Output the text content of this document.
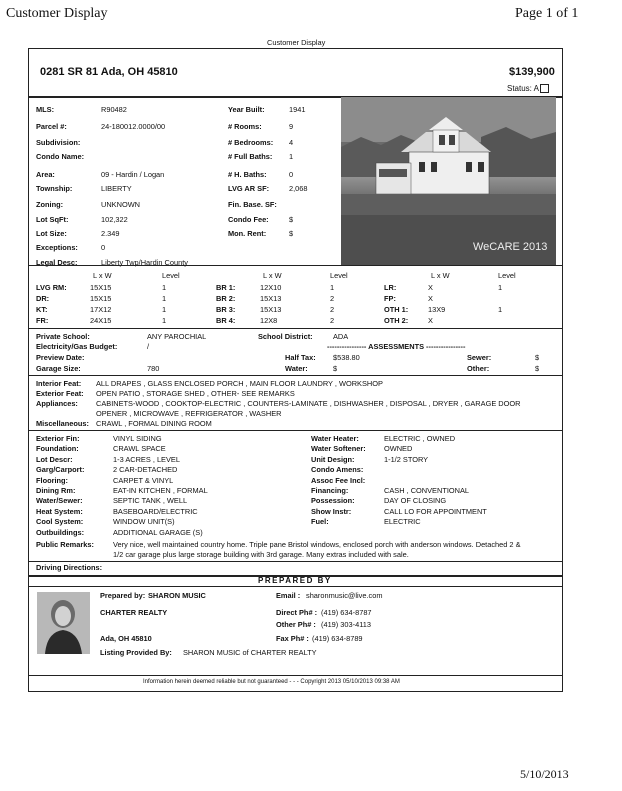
Customer Display	Page 1 of 1
Customer Display
0281 SR 81 Ada, OH 45810	$139,900
Status: A
MLS:	R90482
Parcel #:	24-180012.0000/00
Subdivision:
Condo Name:
Area:	09 - Hardin / Logan
Township:	LIBERTY
Zoning:	UNKNOWN
Lot SqFt:	102,322
Lot Size:	2.349
Exceptions:	0
Legal Desc:	Liberty Twp/Hardin County
Year Built:	1941
# Rooms:	9
# Bedrooms: 4
# Full Baths: 1
# H. Baths:	0
LVG AR SF:	2,068
Fin. Base. SF:
Condo Fee:	$
Mon. Rent:	$
WeCARE 2013
L x W	Level
LVG RM:	15X15	1
DR:	15X15	1
KT:	17X12	1
FR:	24X15	1
L x W	Level
BR 1:	12X10	1
BR 2:	15X13	2
BR 3:	15X13	2
BR 4:	12X8	2
L x W	Level
LR:	X	1
FP:	X
OTH 1:	13X9	1
OTH 2:	X
Private School:	ANY PAROCHIAL	School District:	ADA
Electricity/Gas Budget:	/	---------------- ASSESSMENTS ----------------
Preview Date:	Half Tax: $538.80	Sewer:	$
Garage Size:	780	Water:	$	Other:	$
Interior Feat: ALL DRAPES , GLASS ENCLOSED PORCH , MAIN FLOOR LAUNDRY , WORKSHOP
Exterior Feat: OPEN PATIO , STORAGE SHED , OTHER- SEE REMARKS
Appliances: CABINETS-WOOD , COOKTOP-ELECTRIC , COUNTERS-LAMINATE , DISHWASHER , DISPOSAL , DRYER , GARAGE DOOR
OPENER , MICROWAVE , REFRIGERATOR , WASHER
Miscellaneous: CRAWL , FORMAL DINING ROOM
Exterior Fin:	VINYL SIDING
Foundation:	CRAWL SPACE
Lot Descr:	1-3 ACRES , LEVEL
Garg/Carport:	2 CAR-DETACHED
Flooring:	CARPET & VINYL
Dining Rm:	EAT-IN KITCHEN , FORMAL
Water/Sewer:	SEPTIC TANK , WELL
Heat System:	BASEBOARD/ELECTRIC
Cool System:	WINDOW UNIT(S)
Outbuildings:	ADDITIONAL GARAGE (S)
Water Heater:	ELECTRIC , OWNED
Water Softener: OWNED
Unit Design:	1-1/2 STORY
Condo Amens:
Assoc Fee Incl:
Financing:	CASH , CONVENTIONAL
Possession:	DAY OF CLOSING
Show Instr:	CALL LO FOR APPOINTMENT
Fuel:	ELECTRIC
Public Remarks:	Very nice, well maintained country home. Triple pane Bristol windows, enclosed porch with anderson windows. Detached 2 &
1/2 car garage plus large storage building with 3rd garage. Many extras included with sale.
Driving Directions:
PREPARED BY
Prepared by: SHARON MUSIC
CHARTER REALTY
Ada, OH 45810
Listing Provided By: SHARON MUSIC of CHARTER REALTY
Email : sharonmusic@live.com
Direct Ph# : (419) 634-8787
Other Ph# : (419) 303-4113
Fax Ph# : (419) 634-8789
Information herein deemed reliable but not guaranteed - - - Copyright 2013 05/10/2013 09:38 AM
5/10/2013
